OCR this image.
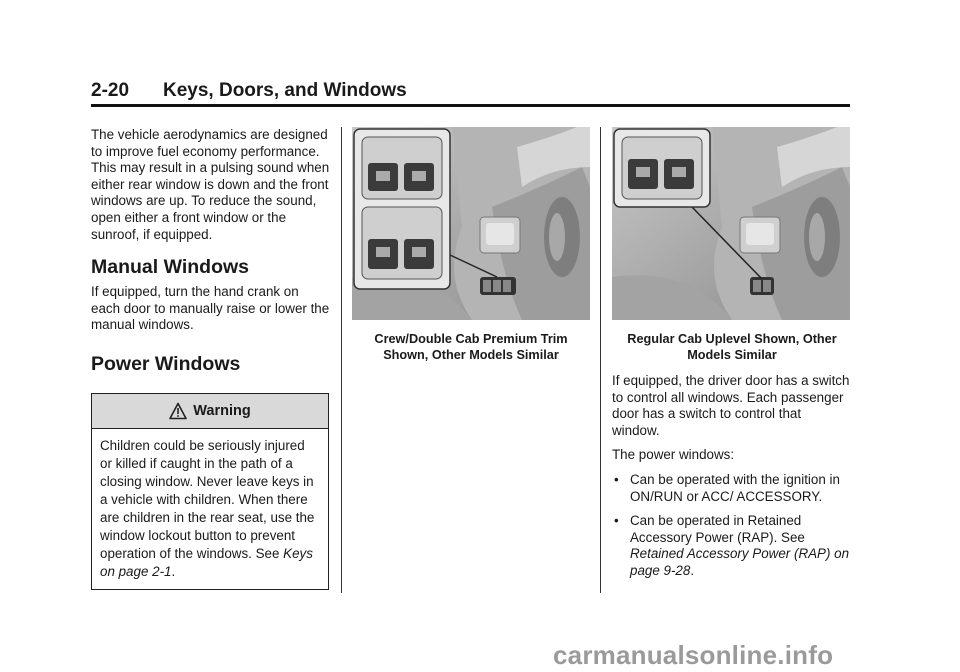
2-20 Keys, Doors, and Windows

The vehicle aerodynamics are designed to improve fuel economy performance. This may result in a pulsing sound when either rear window is down and the front windows are up. To reduce the sound, open either a front window or the sunroof, if equipped.

Manual Windows

If equipped, turn the hand crank on each door to manually raise or lower the manual windows.

Power Windows
Warning
Children could be seriously injured or killed if caught in the path of a closing window. Never leave keys in a vehicle with children. When there are children in the rear seat, use the window lockout button to prevent operation of the windows. See Keys on page 2-1.
Crew/Double Cab Premium Trim
Shown, Other Models Similar
Regular Cab Uplevel Shown, Other
Models Similar

If equipped, the driver door has a switch to control all windows. Each passenger door has a switch to control that window.

The power windows:

• Can be operated with the ignition in ON/RUN or ACC/ ACCESSORY.
• Can be operated in Retained Accessory Power (RAP). See Retained Accessory Power (RAP) on page 9-28.
carmanualsonline.info
